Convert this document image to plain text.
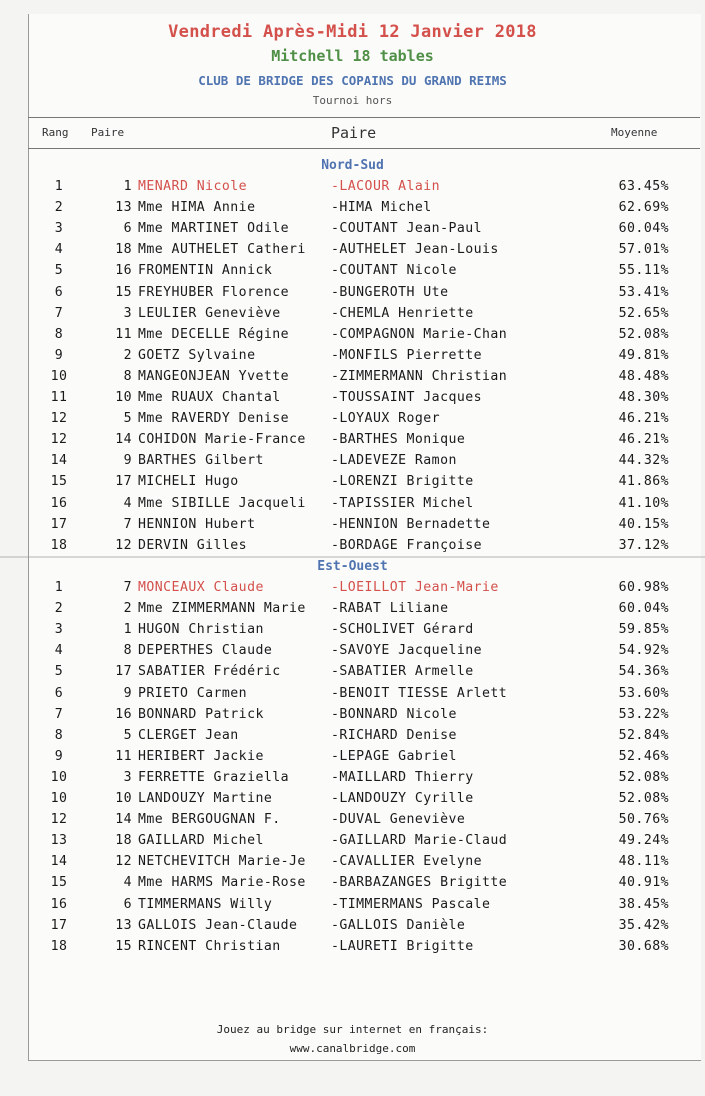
Vendredi Après-Midi 12 Janvier 2018
Mitchell 18 tables
CLUB DE BRIDGE DES COPAINS DU GRAND REIMS
Tournoi hors
Rang Paire	Paire	Moyenne
Nord-Sud
1	1 MENARD Nicole	-LACOUR Alain	63.45%
2	13 Mme HIMA Annie	-HIMA Michel	62.69%
3	6 Mme MARTINET Odile	-COUTANT Jean-Paul	60.04%
4	18 Mme AUTHELET Catheri -AUTHELET Jean-Louis	57.01%
5	16 FROMENTIN Annick	-COUTANT Nicole	55.11%
6	15 FREYHUBER Florence	-BUNGEROTH Ute	53.41%
7	3 LEULIER Geneviève	-CHEMLA Henriette	52.65%
8	11 Mme DECELLE Régine	-COMPAGNON Marie-Chan	52.08%
9	2 GOETZ Sylvaine	-MONFILS Pierrette	49.81%
10	8 MANGEONJEAN Yvette	-ZIMMERMANN Christian	48.48%
11	10 Mme RUAUX Chantal	-TOUSSAINT Jacques	48.30%
12	5 Mme RAVERDY Denise	-LOYAUX Roger	46.21%
12	14 COHIDON Marie-France -BARTHES Monique	46.21%
14	9 BARTHES Gilbert	-LADEVEZE Ramon	44.32%
15	17 MICHELI Hugo	-LORENZI Brigitte	41.86%
16	4 Mme SIBILLE Jacqueli -TAPISSIER Michel	41.10%
17	7 HENNION Hubert	-HENNION Bernadette	40.15%
18	12 DERVIN Gilles	-BORDAGE Françoise	37.12%
Est-Ouest
1	7 MONCEAUX Claude	-LOEILLOT Jean-Marie	60.98%
2	2 Mme ZIMMERMANN Marie -RABAT Liliane	60.04%
3	1 HUGON Christian	-SCHOLIVET Gérard	59.85%
4	8 DEPERTHES Claude	-SAVOYE Jacqueline	54.92%
5	17 SABATIER Frédéric	-SABATIER Armelle	54.36%
6	9 PRIETO Carmen	-BENOIT TIESSE Arlett	53.60%
7	16 BONNARD Patrick	-BONNARD Nicole	53.22%
8	5 CLERGET Jean	-RICHARD Denise	52.84%
9	11 HERIBERT Jackie	-LEPAGE Gabriel	52.46%
10	3 FERRETTE Graziella	-MAILLARD Thierry	52.08%
10	10 LANDOUZY Martine	-LANDOUZY Cyrille	52.08%
12	14 Mme BERGOUGNAN F.	-DUVAL Geneviève	50.76%
13	18 GAILLARD Michel	-GAILLARD Marie-Claud	49.24%
14	12 NETCHEVITCH Marie-Je -CAVALLIER Evelyne	48.11%
15	4 Mme HARMS Marie-Rose -BARBAZANGES Brigitte	40.91%
16	6 TIMMERMANS Willy	-TIMMERMANS Pascale	38.45%
17	13 GALLOIS Jean-Claude	-GALLOIS Danièle	35.42%
18	15 RINCENT Christian	-LAURETI Brigitte	30.68%
Jouez au bridge sur internet en français:
www.canalbridge.com
